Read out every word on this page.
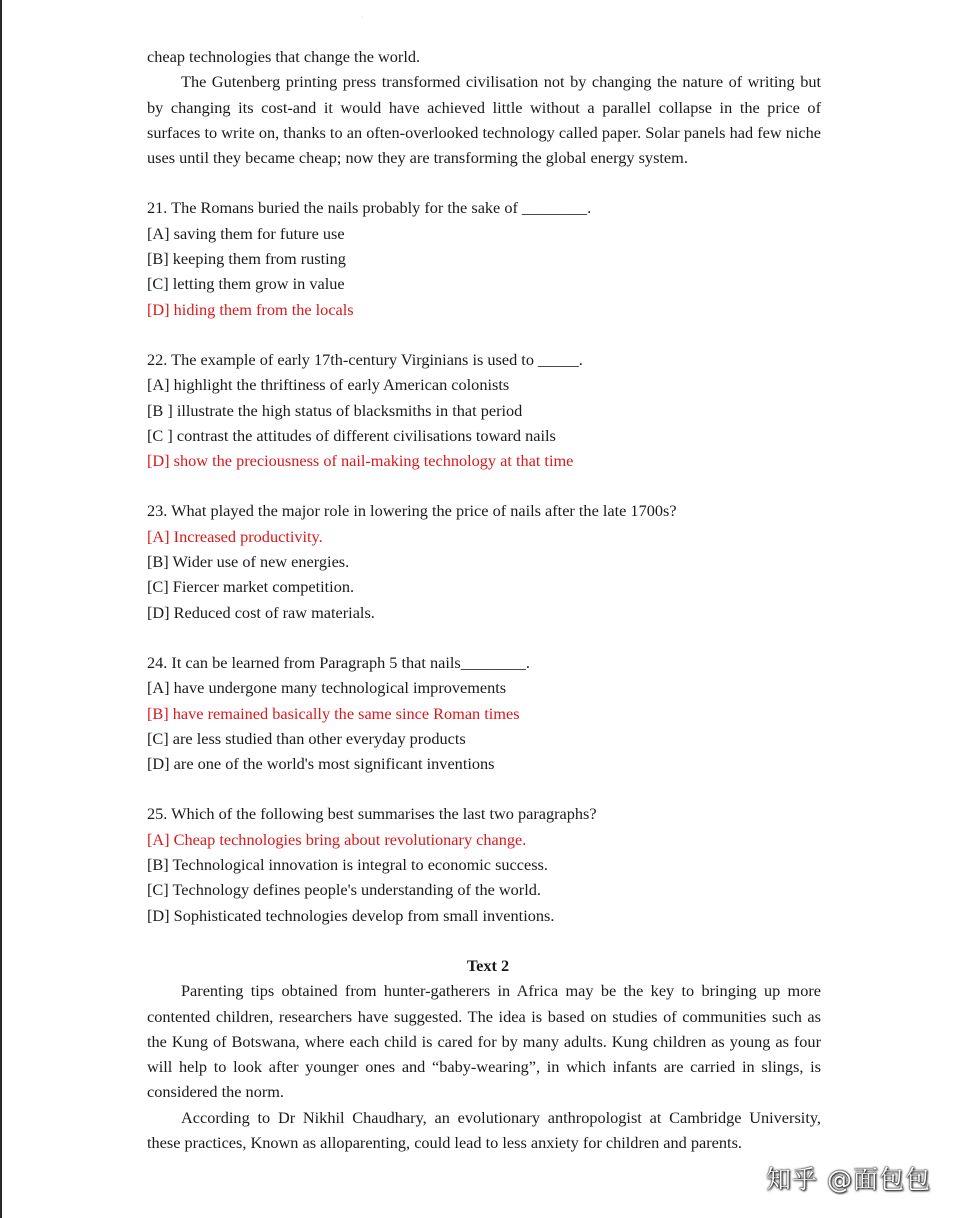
cheap technologies that change the world.

The Gutenberg printing press transformed civilisation not by changing the nature of writing but by changing its cost-and it would have achieved little without a parallel collapse in the price of surfaces to write on, thanks to an often-overlooked technology called paper. Solar panels had few niche uses until they became cheap; now they are transforming the global energy system.

21. The Romans buried the nails probably for the sake of ________.

[A] saving them for future use

[B] keeping them from rusting

[C] letting them grow in value

[D] hiding them from the locals

22. The example of early 17th-century Virginians is used to _____.

[A] highlight the thriftiness of early American colonists

[B ] illustrate the high status of blacksmiths in that period

[C ] contrast the attitudes of different civilisations toward nails

[D] show the preciousness of nail-making technology at that time

23. What played the major role in lowering the price of nails after the late 1700s?

[A] Increased productivity.

[B] Wider use of new energies.

[C] Fiercer market competition.

[D] Reduced cost of raw materials.

24. It can be learned from Paragraph 5 that nails________.

[A] have undergone many technological improvements

[B] have remained basically the same since Roman times

[C] are less studied than other everyday products

[D] are one of the world's most significant inventions

25. Which of the following best summarises the last two paragraphs?

[A] Cheap technologies bring about revolutionary change.

[B] Technological innovation is integral to economic success.

[C] Technology defines people's understanding of the world.

[D] Sophisticated technologies develop from small inventions.

Text 2

Parenting tips obtained from hunter-gatherers in Africa may be the key to bringing up more contented children, researchers have suggested. The idea is based on studies of communities such as the Kung of Botswana, where each child is cared for by many adults. Kung children as young as four will help to look after younger ones and “baby-wearing”, in which infants are carried in slings, is considered the norm.

According to Dr Nikhil Chaudhary, an evolutionary anthropologist at Cambridge University, these practices, Known as alloparenting, could lead to less anxiety for children and parents.

·
知乎 @面包包
